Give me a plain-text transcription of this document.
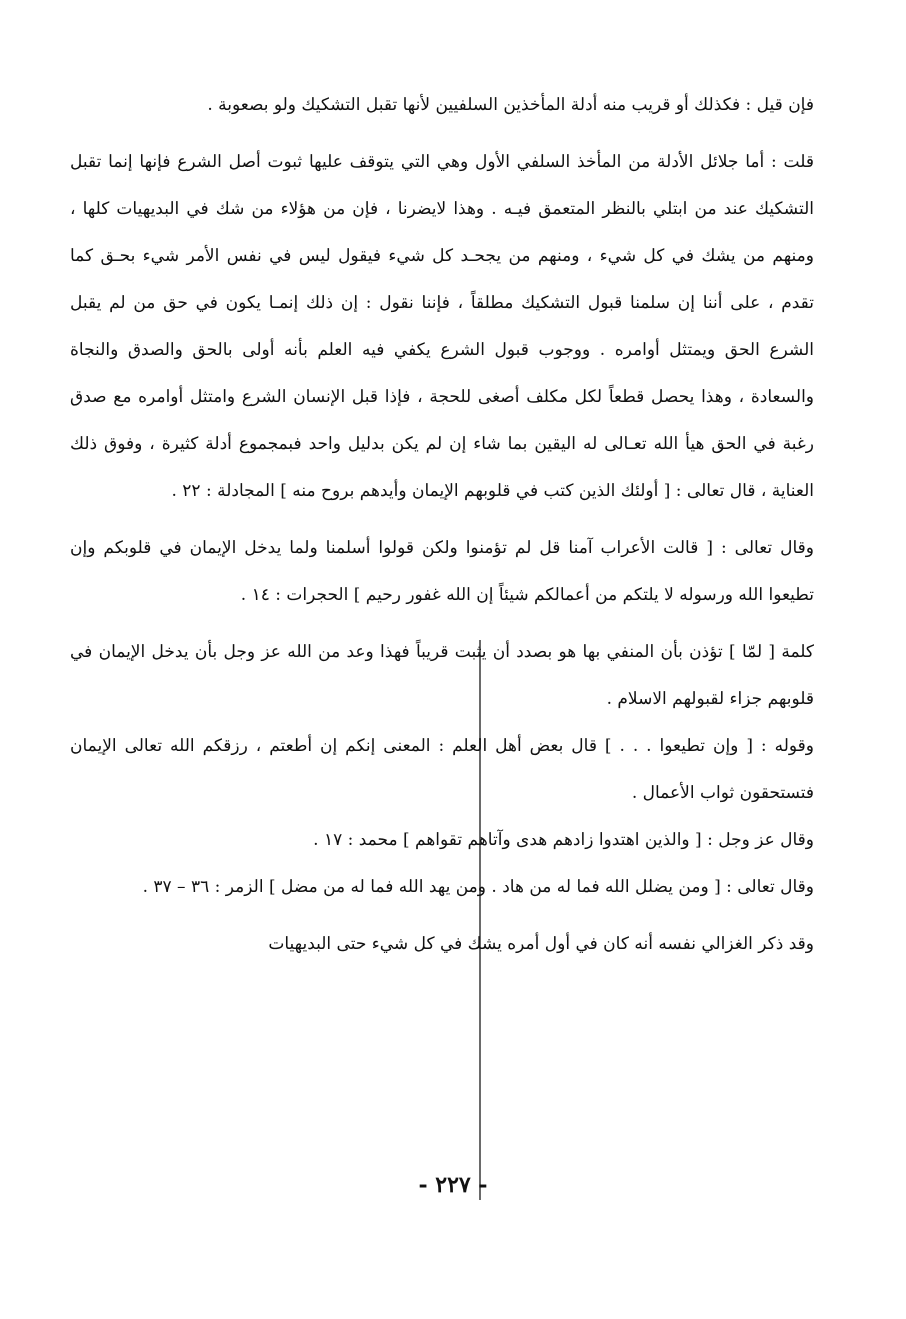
فإن قيل : فكذلك أو قريب منه أدلة المأخذين السلفيين لأنها تقبل التشكيك ولو بصعوبة .

قلت : أما جلائل الأدلة من المأخذ السلفي الأول وهي التي يتوقف عليها ثبوت أصل الشرع فإنها إنما تقبل التشكيك عند من ابتلي بالنظر المتعمق فيـه . وهذا لايضرنا ، فإن من هؤلاء من شك في البديهيات كلها ، ومنهم من يشك في كل شيء ، ومنهم من يجحـد كل شيء فيقول ليس في نفس الأمر شيء بحـق كما تقدم ، على أننا إن سلمنا قبول التشكيك مطلقاً ، فإننا نقول : إن ذلك إنمـا يكون في حق من لم يقبل الشرع الحق ويمتثل أوامره . ووجوب قبول الشرع يكفي فيه العلم بأنه أولى بالحق والصدق والنجاة والسعادة ، وهذا يحصل قطعاً لكل مكلف أصغى للحجة ، فإذا قبل الإنسان الشرع وامتثل أوامره مع صدق رغبة في الحق هيأ الله تعـالى له اليقين بما شاء إن لم يكن بدليل واحد فبمجموع أدلة كثيرة ، وفوق ذلك العناية ، قال تعالى : [ أولئك الذين كتب في قلوبهم الإيمان وأيدهم بروح منه ] المجادلة : ٢٢ .

وقال تعالى : [ قالت الأعراب آمنا قل لم تؤمنوا ولكن قولوا أسلمنا ولما يدخل الإيمان في قلوبكم وإن تطيعوا الله ورسوله لا يلتكم من أعمالكم شيئاً إن الله غفور رحيم ] الحجرات : ١٤ .

كلمة [ لمّا ] تؤذن بأن المنفي بها هو بصدد أن يثبت قريباً فهذا وعد من الله عز وجل بأن يدخل الإيمان في قلوبهم جزاء لقبولهم الاسلام .

وقوله : [ وإن تطيعوا . . . ] قال بعض أهل العلم : المعنى إنكم إن أطعتم ، رزقكم الله تعالى الإيمان فتستحقون ثواب الأعمال .

وقال عز وجل : [ والذين اهتدوا زادهم هدى وآتاهم تقواهم ] محمد : ١٧ .

وقال تعالى : [ ومن يضلل الله فما له من هاد . ومن يهد الله فما له من مضل ] الزمر : ٣٦ – ٣٧ .

وقد ذكر الغزالي نفسه أنه كان في أول أمره يشك في كل شيء حتى البديهيات

- ٢٢٧ -
